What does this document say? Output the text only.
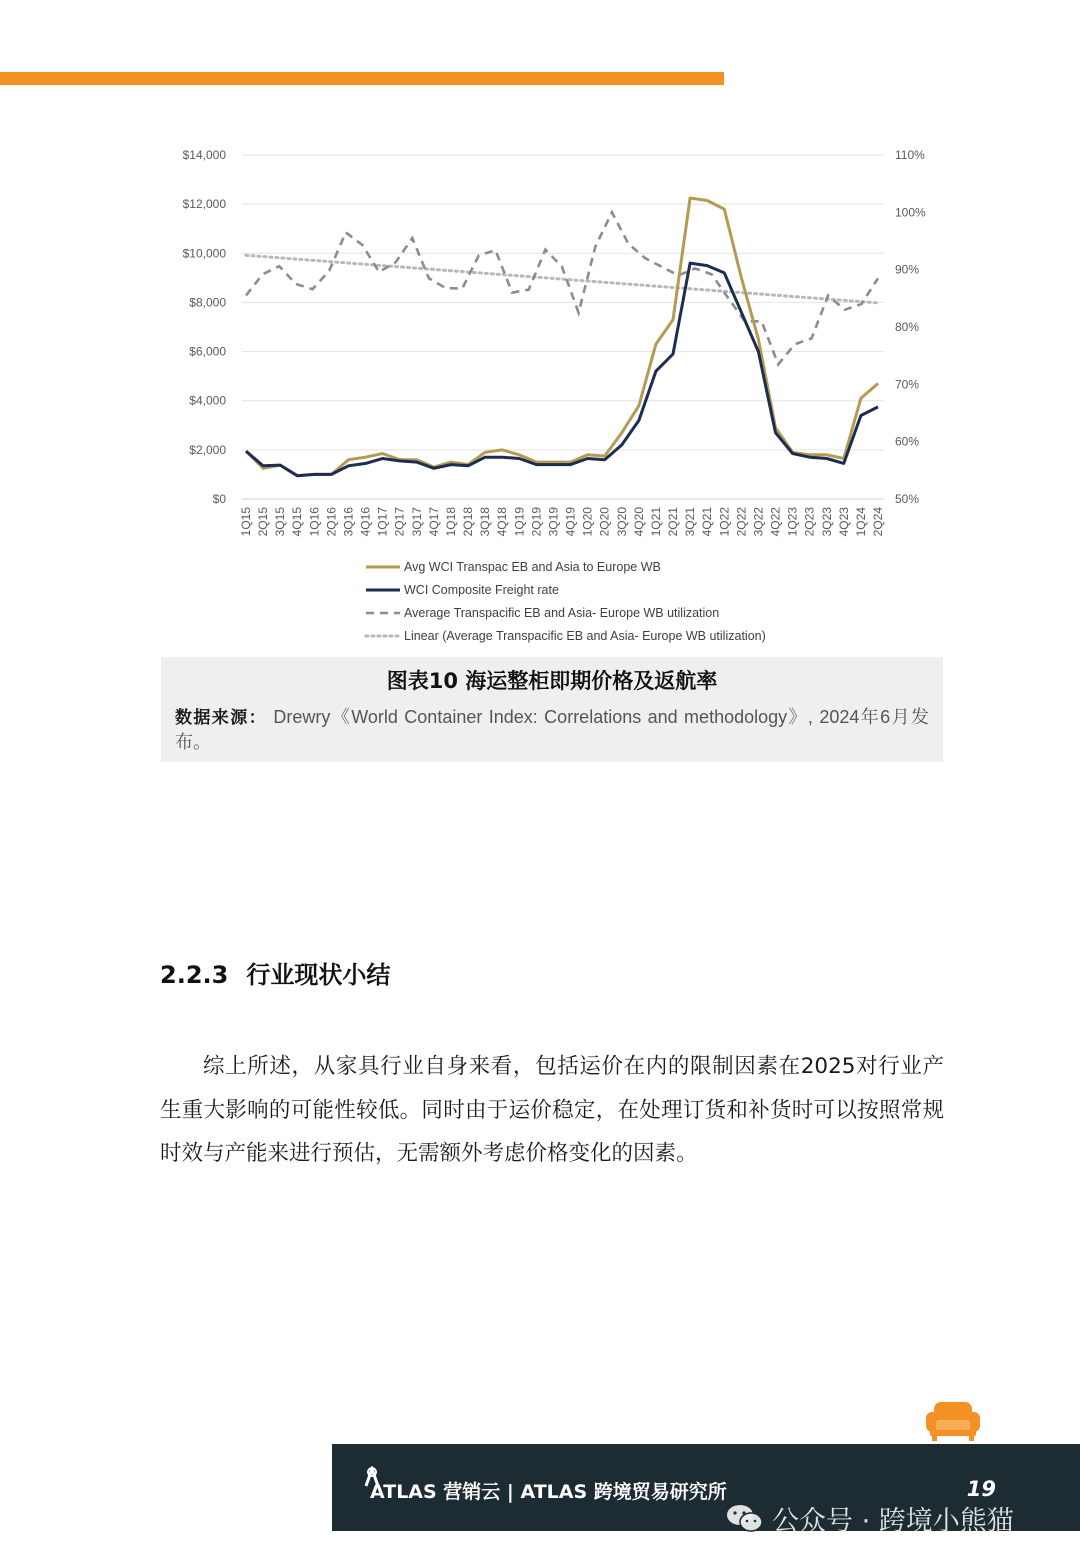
$0
$2,000
$4,000
$6,000
$8,000
$10,000
$12,000
$14,000
50%
60%
70%
80%
90%
100%
110%
1Q15 2Q15 3Q15 4Q15 1Q16 2Q16 3Q16 4Q16 1Q17 2Q17 3Q17 4Q17 1Q18 2Q18 3Q18 4Q18 1Q19 2Q19 3Q19 4Q19 1Q20 2Q20 3Q20 4Q20 1Q21 2Q21 3Q21 4Q21 1Q22 2Q22 3Q22 4Q22 1Q23 2Q23 3Q23 4Q23 1Q24 2Q24
Avg WCI Transpac EB and Asia to Europe WB
WCI Composite Freight rate
Average Transpacific EB and Asia- Europe WB utilization
Linear (Average Transpacific EB and Asia- Europe WB utilization)
图表10 海运整柜即期价格及返航率
数据来源： Drewry《World Container Index: Correlations and methodology》, 2024年6月发布。
2.2.3 行业现状小结
综上所述，从家具行业自身来看，包括运价在内的限制因素在2025对行业产生重大影响的可能性较低。同时由于运价稳定，在处理订货和补货时可以按照常规时效与产能来进行预估，无需额外考虑价格变化的因素。
ATLAS 营销云 | ATLAS 跨境贸易研究所	19
公众号 · 跨境小熊猫
